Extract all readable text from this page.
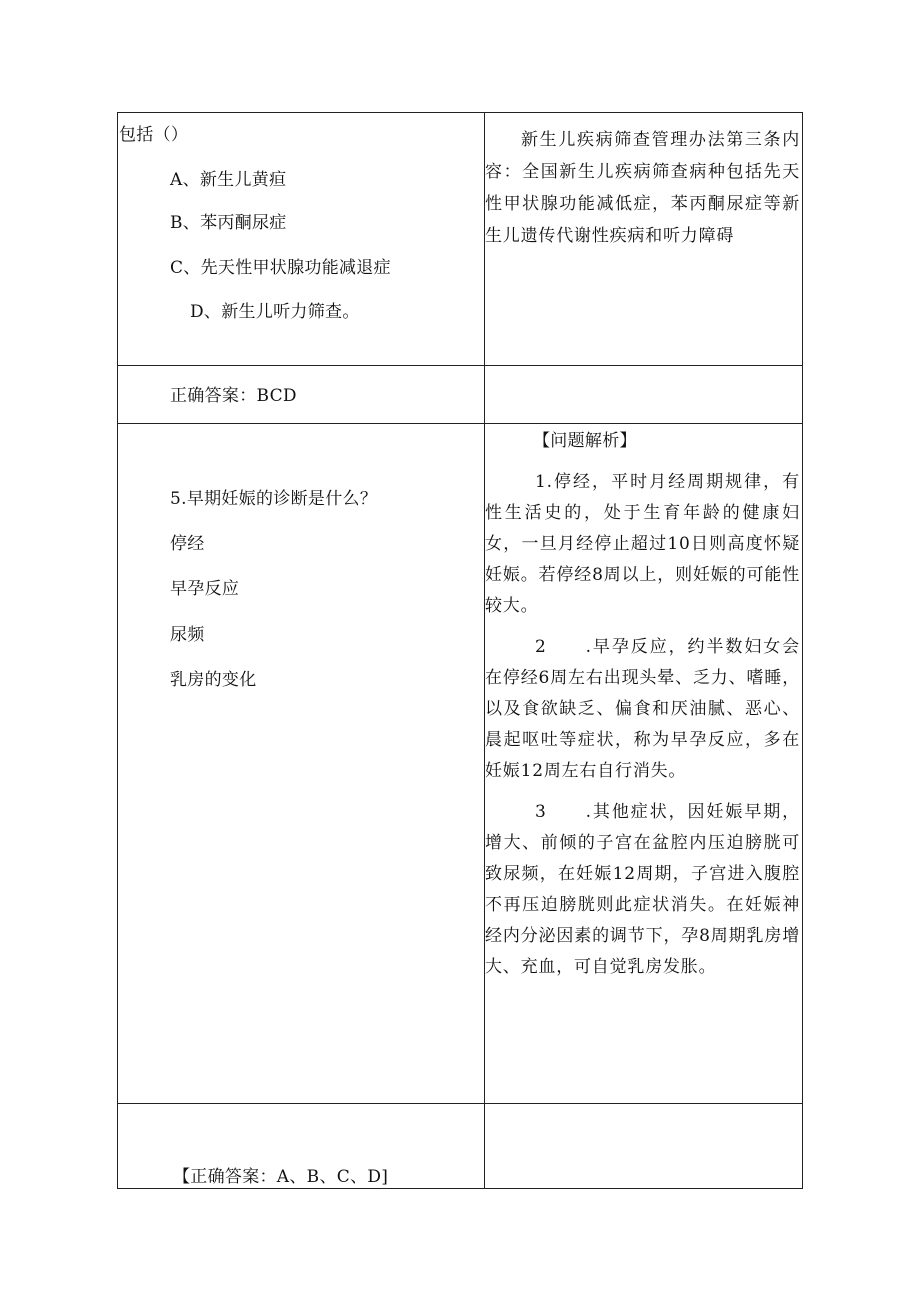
包括（）
A、新生儿黄疸
B、苯丙酮尿症
C、先天性甲状腺功能减退症
D、新生儿听力筛查。
新生儿疾病筛查管理办法第三条内容：全国新生儿疾病筛查病种包括先天性甲状腺功能减低症，苯丙酮尿症等新生儿遗传代谢性疾病和听力障碍
正确答案：BCD
5.早期妊娠的诊断是什么？
停经
早孕反应
尿频
乳房的变化
【问题解析】
1.停经，平时月经周期规律，有性生活史的，处于生育年龄的健康妇女，一旦月经停止超过10日则高度怀疑妊娠。若停经8周以上，则妊娠的可能性较大。
2　　.早孕反应，约半数妇女会在停经6周左右出现头晕、乏力、嗜睡，以及食欲缺乏、偏食和厌油腻、恶心、晨起呕吐等症状，称为早孕反应，多在妊娠12周左右自行消失。
3　　.其他症状，因妊娠早期，增大、前倾的子宫在盆腔内压迫膀胱可致尿频，在妊娠12周期，子宫进入腹腔不再压迫膀胱则此症状消失。在妊娠神经内分泌因素的调节下，孕8周期乳房增大、充血，可自觉乳房发胀。
【正确答案：A、B、C、D]
